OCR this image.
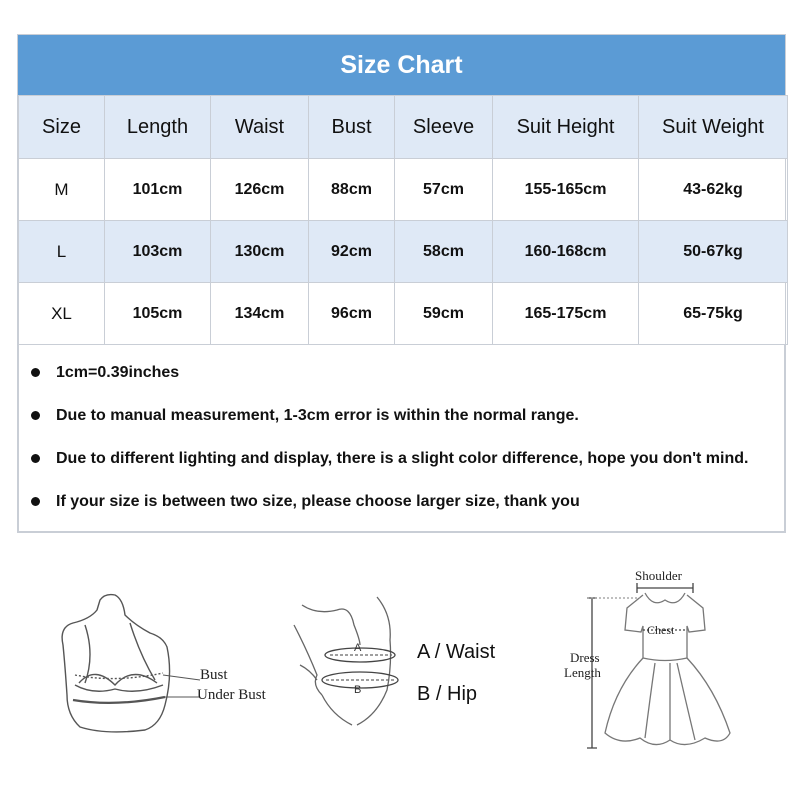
Size Chart
Size	Length	Waist	Bust	Sleeve	Suit Height	Suit Weight
M	101cm	126cm	88cm	57cm	155-165cm	43-62kg
L	103cm	130cm	92cm	58cm	160-168cm	50-67kg
XL	105cm	134cm	96cm	59cm	165-175cm	65-75kg
1cm=0.39inches
Due to manual measurement, 1-3cm error is within the normal range.
Due to different lighting and display, there is a slight color difference, hope you don't mind.
If your size is between two size, please choose larger size, thank you
Bust
Under Bust
A
B
A / Waist
B / Hip
Shoulder
Chest
Dress
Length
